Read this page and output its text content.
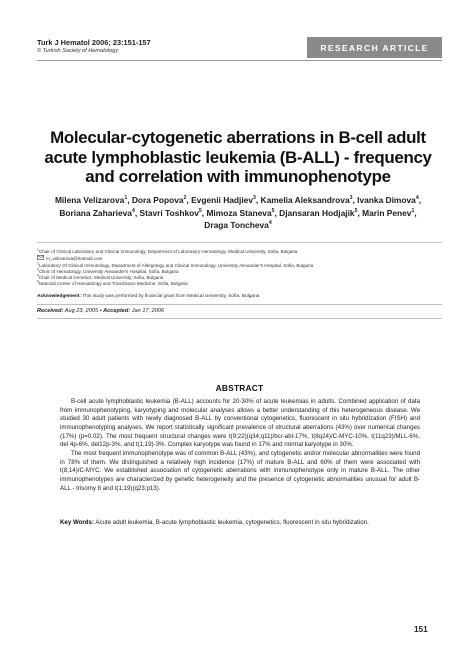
Turk J Hematol 2006; 23:151-157
© Turkish Society of Hematology	RESEARCH ARTICLE
Molecular-cytogenetic aberrations in B-cell adult
acute lymphoblastic leukemia (B-ALL) - frequency
and correlation with immunophenotype
Milena Velizarova$^1$, Dora Popova$^2$, Evgenii Hadjiev$^3$, Kamelia Aleksandrova$^3$, Ivanka Dimova$^4$,
Boriana Zaharieva$^4$, Stavri Toshkov$^5$, Mimoza Staneva$^5$, Djansaran Hodjajik$^5$, Marin Penev$^1$,
Draga Toncheva$^4$
$^1$Chair of Clinical Laboratory and Clinical Immunology, Department of Laboratory Hematology, Medical University, Sofia, Bulgaria
m_velizarova@hotmail.com
$^2$Laboratory Of Clinical Immunology, Department of Allergology and Clinical Immunology, University Alexander's Hospital, Sofia, Bulgaria
$^3$Clinic of Hematology, University Alexander's Hospital, Sofia, Bulgaria
$^4$Chair of Medical Genetics, Medical University, Sofia, Bulgaria
$^5$National Center of Hematology and Transfusion Medicine, Sofia, Bulgaria
Acknowledgement: This study was performed by financial grant from Medical University, Sofia, Bulgaria
Received: Aug 23, 2005 • Accepted: Jan 17, 2006
ABSTRACT

B-cell acute lymphoblastic leukemia (B-ALL) accounts for 20-30% of acute leukemias in adults. Combined application of data from immunophenotyping, karyotyping and molecular analyses allows a better understanding of this heterogeneous disease. We studied 30 adult patients with newly diagnosed B-ALL by conventional cytogenetics, fluorescent in situ hybridization (FISH) and immunophenotyping analyses. We report statistically significant prevalence of structural aberrations (43%) over numerical changes (17%) (p=0.02). The most frequent structural changes were t(9;22)(q34;q11)/bcr-abl-17%, t(8q24)/C-MYC-10%, t(11q23)/MLL-6%, del 4p-6%, del12p-3%, and t(1;19)-3%. Complex karyotype was found in 17% and normal karyotype in 30%.

The most frequent immunophenotype was of common B-ALL (43%), and cytogenetic and/or molecular abnormalities were found in 78% of them. We distinguished a relatively high incidence (17%) of mature B-ALL and 60% of them were associated with t(8;14)/C-MYC. We established association of cytogenetic aberrations with immunophenotype only in mature B-ALL. The other immunophenotypes are characterized by genetic heterogeneity and the presence of cytogenetic abnormalities unusual for adult B-ALL - trisomy 8 and t(1;19)(q23;p13).

Key Words: Acute adult leukemia, B-acute lymphoblastic leukemia, cytogenetics, fluorescent in situ hybridization.
151
